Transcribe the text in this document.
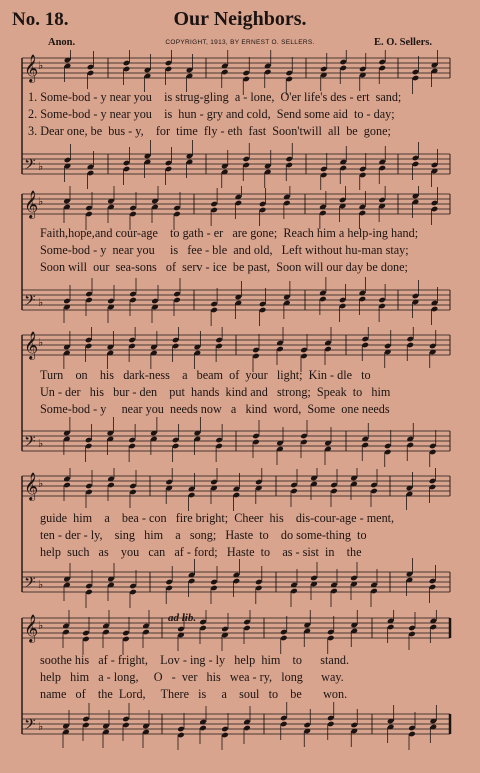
No. 18.	Our Neighbors.
Anon.	COPYRIGHT, 1913, BY ERNEST O. SELLERS.	E. O. Sellers.
ad lib.
𝄞 ♭
𝄢 ♭
𝄞 ♭
𝄢 ♭
𝄞 ♭
𝄢 ♭
𝄞 ♭
𝄢 ♭
𝄞 ♭
𝄢 ♭
1. Some-bod - y near you    is strug-gling  a - lone,  O'er life's des - ert  sand;
2. Some-bod - y near you    is  hun - gry and cold,  Send some aid  to - day;
3. Dear one, be  bus - y,    for  time  fly - eth  fast  Soon'twill  all  be  gone;
Faith,hope,and cour-age    to gath - er   are gone;  Reach him a help-ing hand;
Some-bod - y  near you     is   fee - ble  and old,   Left without hu-man stay;
Soon will  our  sea-sons   of  serv - ice  be past,  Soon will our day be done;
Turn    on    his   dark-ness    a   beam  of  your   light;  Kin - dle   to
Un - der   his   bur - den    put  hands  kind and   strong;  Speak  to   him
Some-bod - y     near you  needs now   a   kind  word,  Some  one needs
guide  him    a    bea - con   fire bright;  Cheer  his    dis-cour-age - ment,
ten - der - ly,    sing   him    a   song;   Haste  to    do some-thing  to
help  such   as    you   can   af - ford;   Haste  to    as - sist  in    the
soothe his   af - fright,    Lov - ing - ly   help  him    to      stand.
help   him   a - long,     O   -  ver   his   wea - ry,   long      way.
name   of    the  Lord,     There   is     a    soul   to    be       won.
